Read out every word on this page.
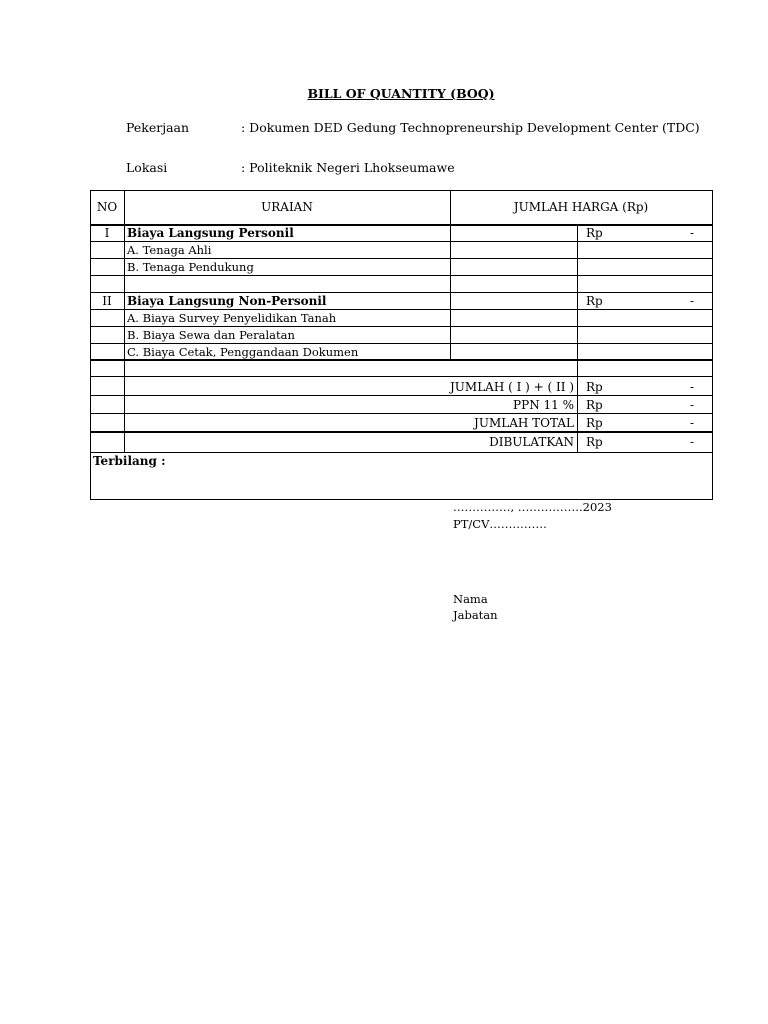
BILL OF QUANTITY (BOQ)
Pekerjaan	: Dokumen DED Gedung Technopreneurship Development Center (TDC)
Lokasi	: Politeknik Negeri Lhokseumawe
NO	URAIAN	JUMLAH HARGA (Rp)
I	Biaya Langsung Personil	Rp	-
A. Tenaga Ahli
B. Tenaga Pendukung
II	Biaya Langsung Non-Personil	Rp	-
A. Biaya Survey Penyelidikan Tanah
B. Biaya Sewa dan Peralatan
C. Biaya Cetak, Penggandaan Dokumen
JUMLAH ( I ) + ( II ) Rp	-
PPN 11 % Rp	-
JUMLAH TOTAL Rp	-
DIBULATKAN Rp	-
Terbilang :
……………, ……………..2023
PT/CV……………
Nama
Jabatan
